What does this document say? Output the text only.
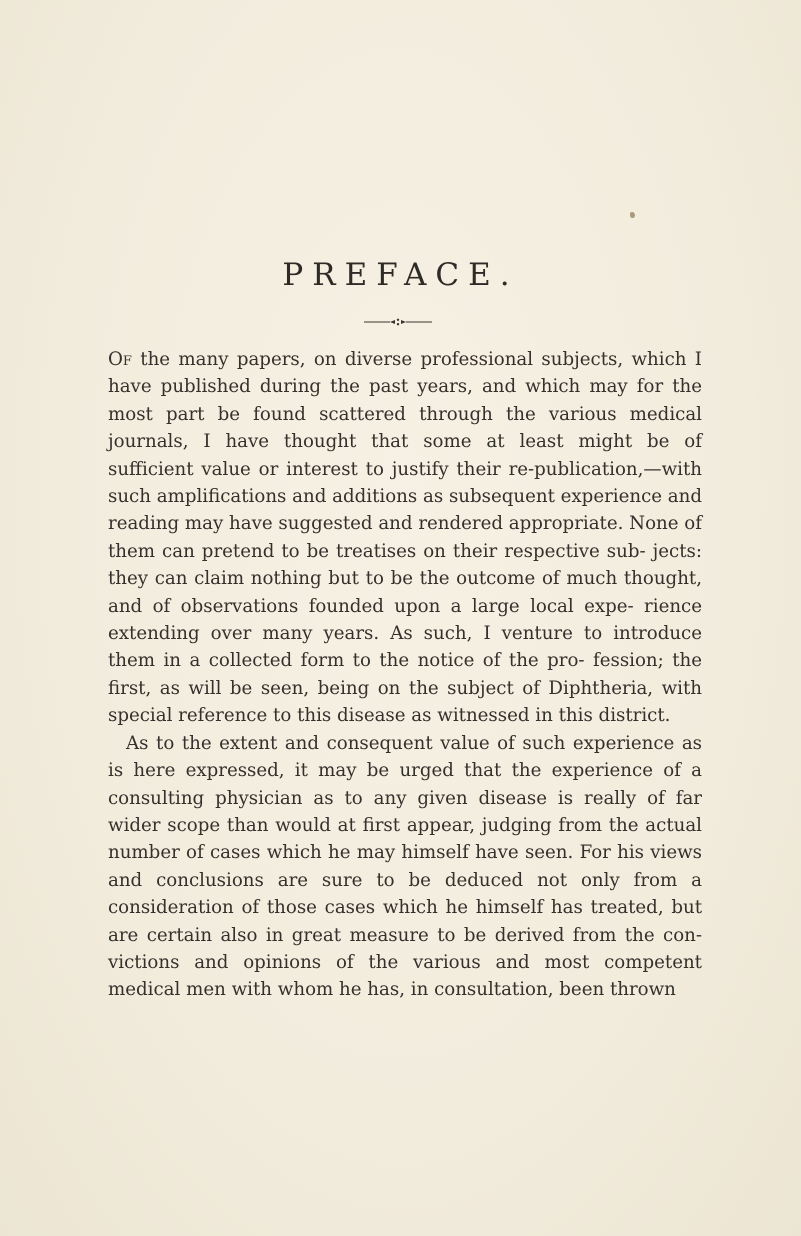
PREFACE.

Of the many papers, on diverse professional subjects, which I have published during the past years, and which may for the most part be found scattered through the various medical journals, I have thought that some at least might be of sufficient value or interest to justify their re-publication,—with such amplifications and additions as subsequent experience and reading may have suggested and rendered appropriate. None of them can pretend to be treatises on their respective sub- jects: they can claim nothing but to be the outcome of much thought, and of observations founded upon a large local expe- rience extending over many years. As such, I venture to introduce them in a collected form to the notice of the pro- fession; the first, as will be seen, being on the subject of Diphtheria, with special reference to this disease as witnessed in this district.

As to the extent and consequent value of such experience as is here expressed, it may be urged that the experience of a consulting physician as to any given disease is really of far wider scope than would at first appear, judging from the actual number of cases which he may himself have seen. For his views and conclusions are sure to be deduced not only from a consideration of those cases which he himself has treated, but are certain also in great measure to be derived from the con- victions and opinions of the various and most competent medical men with whom he has, in consultation, been thrown
